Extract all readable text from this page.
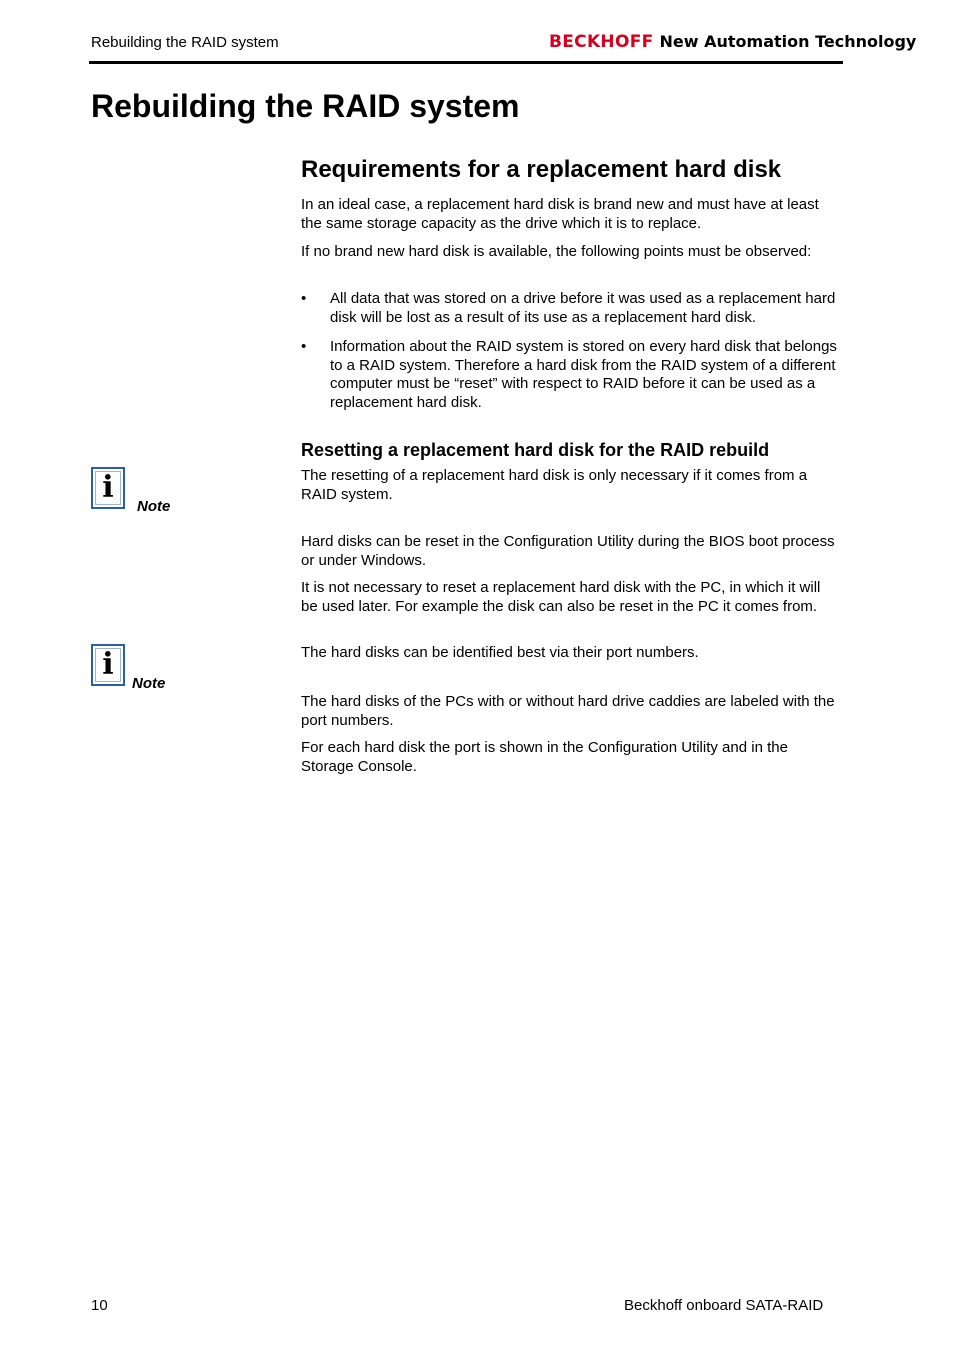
Rebuilding the RAID system	BECKHOFF New Automation Technology
Rebuilding the RAID system
Requirements for a replacement hard disk
In an ideal case, a replacement hard disk is brand new and must have at least the same storage capacity as the drive which it is to replace.
If no brand new hard disk is available, the following points must be observed:
• All data that was stored on a drive before it was used as a replacement hard disk will be lost as a result of its use as a replacement hard disk.
• Information about the RAID system is stored on every hard disk that belongs to a RAID system. Therefore a hard disk from the RAID system of a different computer must be “reset” with respect to RAID before it can be used as a replacement hard disk.
Resetting a replacement hard disk for the RAID rebuild
i
Note
The resetting of a replacement hard disk is only necessary if it comes from a RAID system.
Hard disks can be reset in the Configuration Utility during the BIOS boot process or under Windows.
It is not necessary to reset a replacement hard disk with the PC, in which it will be used later. For example the disk can also be reset in the PC it comes from.
i
Note
The hard disks can be identified best via their port numbers.
The hard disks of the PCs with or without hard drive caddies are labeled with the port numbers.
For each hard disk the port is shown in the Configuration Utility and in the Storage Console.
10	Beckhoff onboard SATA-RAID
